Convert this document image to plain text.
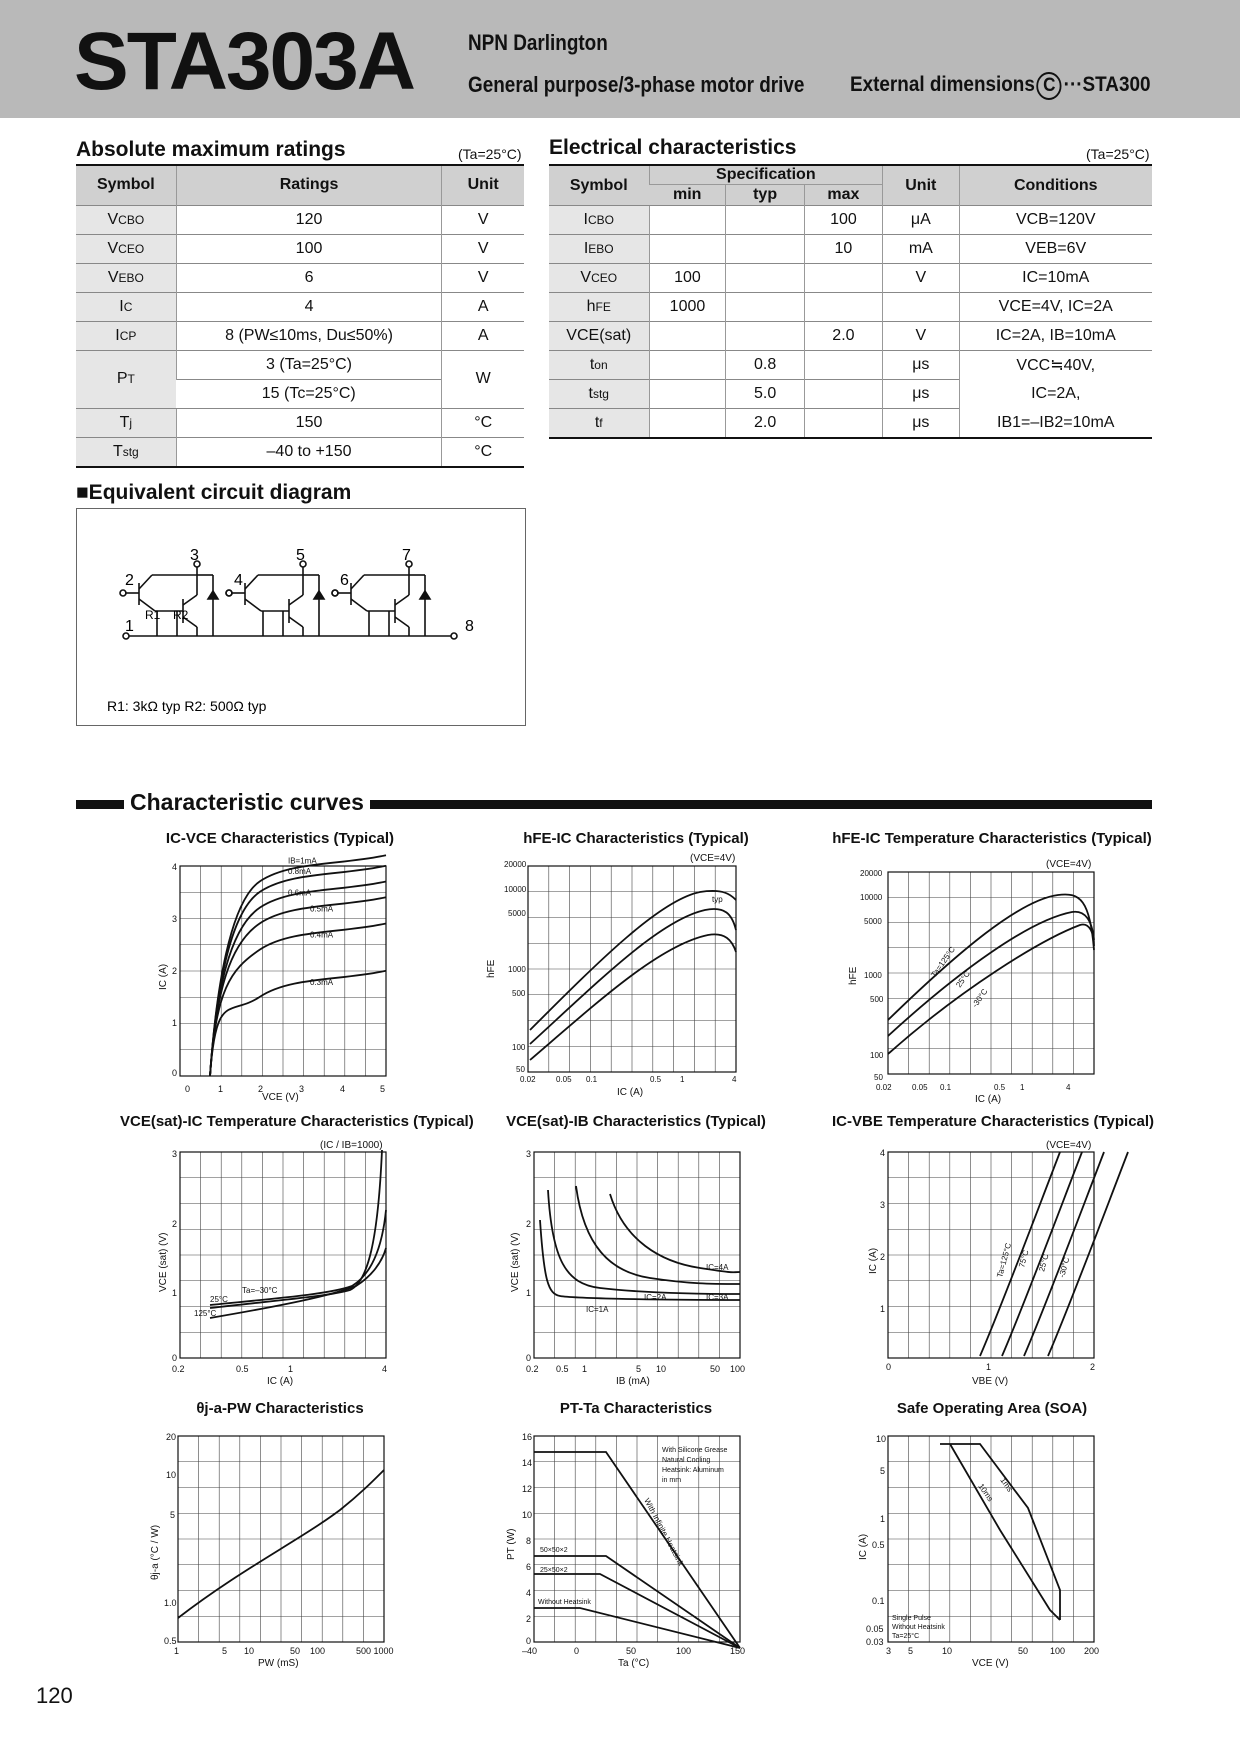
STA303A NPN Darlington
General purpose/3-phase motor drive External dimensions C ···STA300
Absolute maximum ratings	(Ta=25°C)
Symbol	Ratings	Unit
VCBO	120	V
VCEO	100	V
VEBO	6	V
IC	4	A
ICP	8 (PW≤10ms, Du≤50%)	A
PT	3 (Ta=25°C)	W
	15 (Tc=25°C)	
Tj	150	°C
Tstg	–40 to +150	°C
Electrical characteristics	(Ta=25°C)
Symbol	Specification			Unit	Conditions
	min	typ	max		
ICBO			100	μA	VCB=120V
IEBO			10	mA	VEB=6V
VCEO	100			V	IC=10mA
hFE	1000				VCE=4V, IC=2A
VCE(sat)			2.0	V	IC=2A, IB=10mA
ton		0.8		μs	VCC≒40V,
tstg		5.0		μs	IC=2A,
tf		2.0		μs	IB1=–IB2=10mA
■Equivalent circuit diagram
3	5	7
2	4	6
1	8
R1 R2
R1: 3kΩ typ R2: 500Ω typ
Characteristic curves
IC-VCE Characteristics (Typical)	hFE-IC Characteristics (Typical)	hFE-IC Temperature Characteristics (Typical)
VCE(sat)-IC Temperature Characteristics (Typical)	VCE(sat)-IB Characteristics (Typical)	IC-VBE Temperature Characteristics (Typical)
θj-a-PW Characteristics	PT-Ta Characteristics	Safe Operating Area (SOA)
IB=1mA
0.8mA
0.6mA
0.5mA
0.4mA
0.3mA
0	1	2	3	4	5
4
3
2
1
0
VCE (V)
IC (A)
typ
(VCE=4V)
20000
10000
5000
1000
500
100
50
0.02	0.05 0.1	0.5 1	4
IC (A)
hFE	Ta=125°C
25°C
-30°C
(VCE=4V)
20000
10000
5000
1000
500
100
50
0.02	0.05 0.1	0.5 1	4
IC (A)
hFE
Ta=–30°C
25°C
125°C
(IC / IB=1000)
3
2
1
0
0.2	0.5	1	4
IC (A)
VCE (sat) (V)
IC=1A
IC=2A	IC=3A
IC=4A
3
2
1
0
0.2 0.5 1	5 10	50 100
IB (mA)
VCE (sat) (V)	Ta=125°C 75°C 25°C -30°C
(VCE=4V)
4
3
2
1
0	1	2
VBE (V)
IC (A)
20
10
5
1.0
0.5
1	5 10	50 100	500 1000
PW (mS)
θj-a (°C / W)	With Infinite Heatsink
50×50×2
25×50×2
Without Heatsink
With Silicone Grease
Natural Cooling
Heatsink: Aluminum
in mm
16
14
12
10
8
6
4
2
0
–40	0	50	100	150
Ta (°C)
PT (W)
1ms
10ms
Single Pulse
Without Heatsink
Ta=25°C
10
5
1
0.5
0.1
0.05
0.03
3 5	10	50 100 200
VCE (V)
IC (A)
120
